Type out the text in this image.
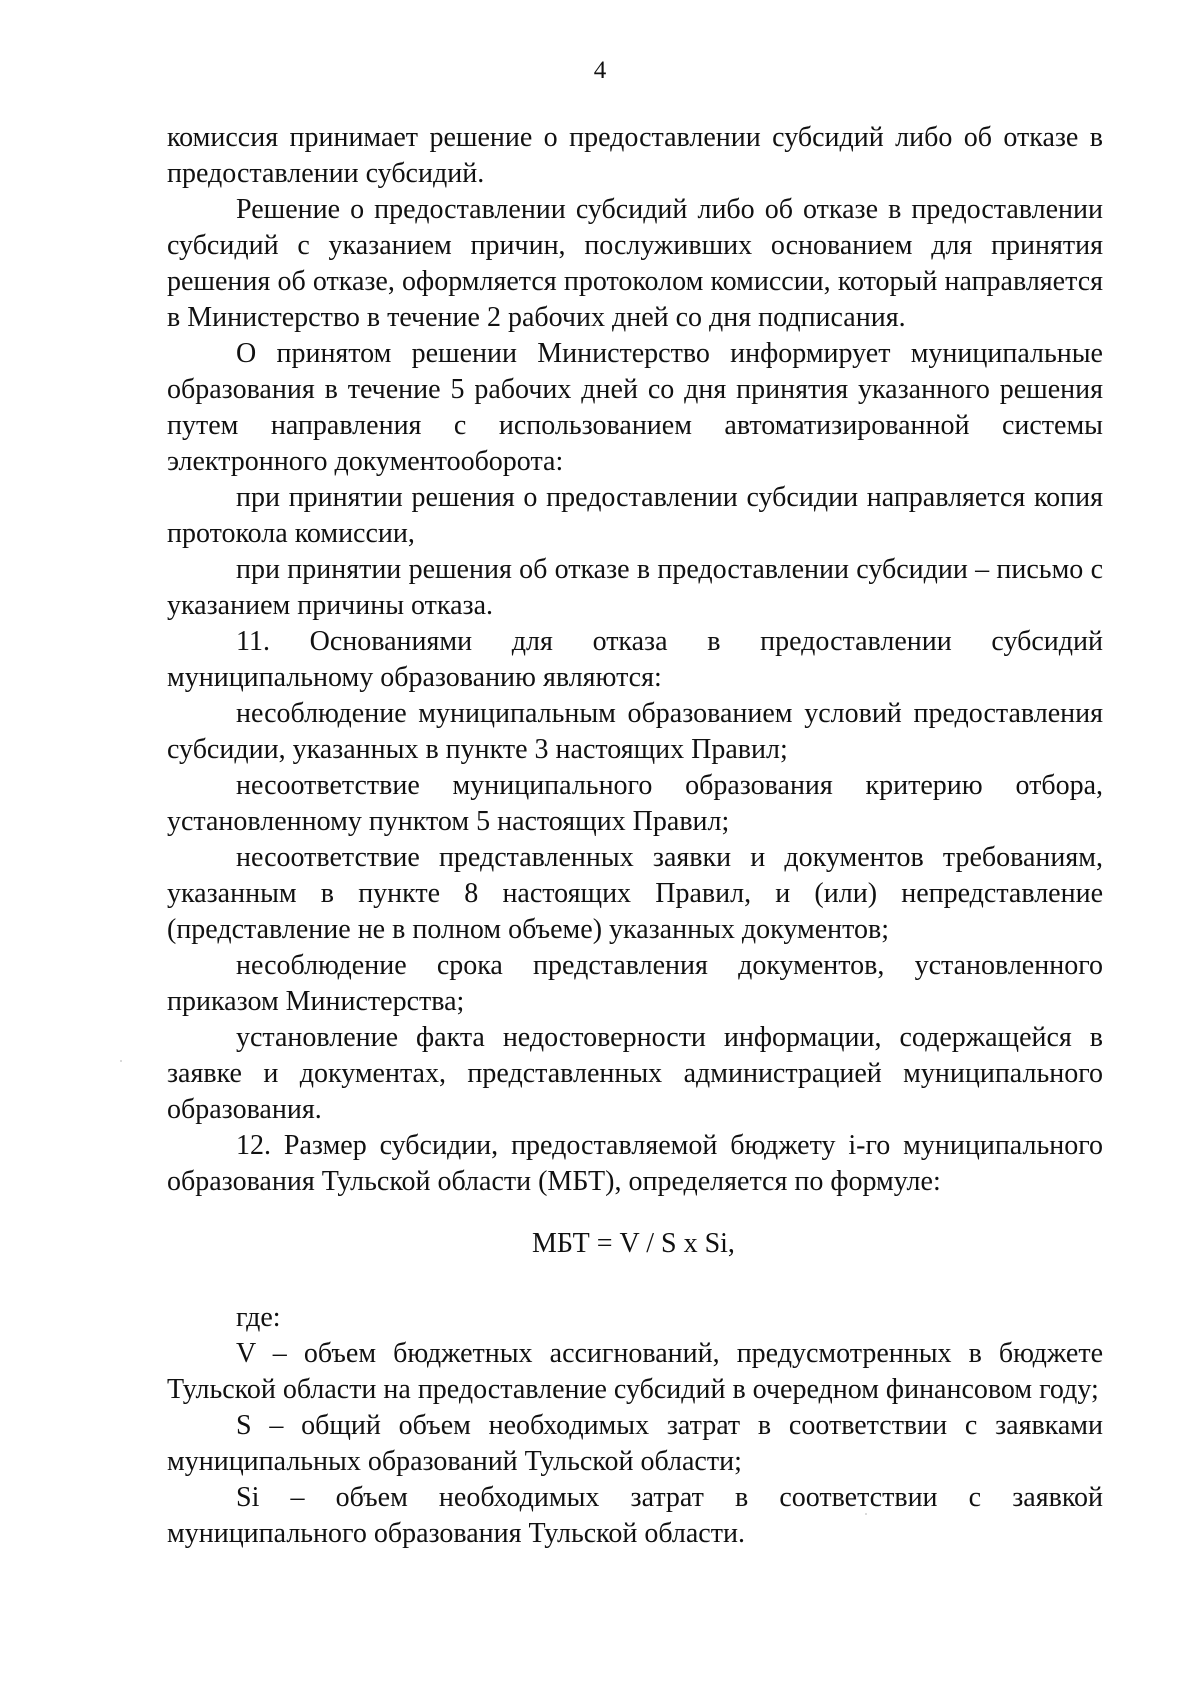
4

комиссия принимает решение о предоставлении субсидий либо об отказе в предоставлении субсидий.

Решение о предоставлении субсидий либо об отказе в предоставлении субсидий с указанием причин, послуживших основанием для принятия решения об отказе, оформляется протоколом комиссии, который направляется в Министерство в течение 2 рабочих дней со дня подписания.

О принятом решении Министерство информирует муниципальные образования в течение 5 рабочих дней со дня принятия указанного решения путем направления с использованием автоматизированной системы электронного документооборота:

при принятии решения о предоставлении субсидии направляется копия протокола комиссии,

при принятии решения об отказе в предоставлении субсидии – письмо с указанием причины отказа.

11. Основаниями для отказа в предоставлении субсидий муниципальному образованию являются:

несоблюдение муниципальным образованием условий предоставления субсидии, указанных в пункте 3 настоящих Правил;

несоответствие муниципального образования критерию отбора, установленному пунктом 5 настоящих Правил;

несоответствие представленных заявки и документов требованиям, указанным в пункте 8 настоящих Правил, и (или) непредставление (представление не в полном объеме) указанных документов;

несоблюдение срока представления документов, установленного приказом Министерства;

установление факта недостоверности информации, содержащейся в заявке и документах, представленных администрацией муниципального образования.

12. Размер субсидии, предоставляемой бюджету i-го муниципального образования Тульской области (МБТ), определяется по формуле:

МБТ = V / S x Si,

где:

V – объем бюджетных ассигнований, предусмотренных в бюджете Тульской области на предоставление субсидий в очередном финансовом году;

S – общий объем необходимых затрат в соответствии с заявками муниципальных образований Тульской области;

Si – объем необходимых затрат в соответствии с заявкой муниципального образования Тульской области.
